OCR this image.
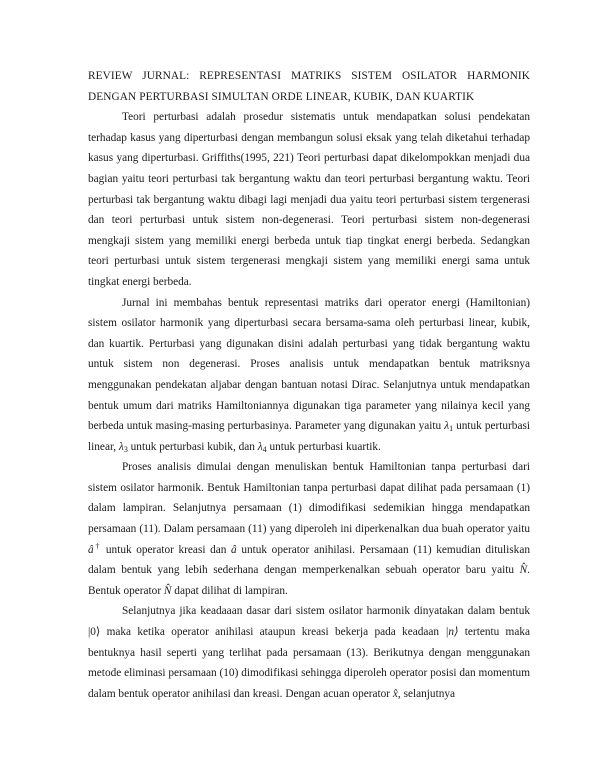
REVIEW JURNAL: REPRESENTASI MATRIKS SISTEM OSILATOR HARMONIK
DENGAN PERTURBASI SIMULTAN ORDE LINEAR, KUBIK, DAN KUARTIK

Teori perturbasi adalah prosedur sistematis untuk mendapatkan solusi pendekatan terhadap kasus yang diperturbasi dengan membangun solusi eksak yang telah diketahui terhadap kasus yang diperturbasi. Griffiths(1995, 221) Teori perturbasi dapat dikelompokkan menjadi dua bagian yaitu teori perturbasi tak bergantung waktu dan teori perturbasi bergantung waktu. Teori perturbasi tak bergantung waktu dibagi lagi menjadi dua yaitu teori perturbasi sistem tergenerasi dan teori perturbasi untuk sistem non-degenerasi. Teori perturbasi sistem non-degenerasi mengkaji sistem yang memiliki energi berbeda untuk tiap tingkat energi berbeda. Sedangkan teori perturbasi untuk sistem tergenerasi mengkaji sistem yang memiliki energi sama untuk tingkat energi berbeda.

Jurnal ini membahas bentuk representasi matriks dari operator energi (Hamiltonian) sistem osilator harmonik yang diperturbasi secara bersama-sama oleh perturbasi linear, kubik, dan kuartik. Perturbasi yang digunakan disini adalah perturbasi yang tidak bergantung waktu untuk sistem non degenerasi. Proses analisis untuk mendapatkan bentuk matriksnya menggunakan pendekatan aljabar dengan bantuan notasi Dirac. Selanjutnya untuk mendapatkan bentuk umum dari matriks Hamiltoniannya digunakan tiga parameter yang nilainya kecil yang berbeda untuk masing-masing perturbasinya. Parameter yang digunakan yaitu $\lambda_1$ untuk perturbasi linear, $\lambda_3$ untuk perturbasi kubik, dan $\lambda_4$ untuk perturbasi kuartik.

Proses analisis dimulai dengan menuliskan bentuk Hamiltonian tanpa perturbasi dari sistem osilator harmonik. Bentuk Hamiltonian tanpa perturbasi dapat dilihat pada persamaan (1) dalam lampiran. Selanjutnya persamaan (1) dimodifikasi sedemikian hingga mendapatkan persamaan (11). Dalam persamaan (11) yang diperoleh ini diperkenalkan dua buah operator yaitu â† untuk operator kreasi dan â untuk operator anihilasi. Persamaan (11) kemudian dituliskan dalam bentuk yang lebih sederhana dengan memperkenalkan sebuah operator baru yaitu N̂. Bentuk operator N̂ dapat dilihat di lampiran.

Selanjutnya jika keadaaan dasar dari sistem osilator harmonik dinyatakan dalam bentuk |0⟩ maka ketika operator anihilasi ataupun kreasi bekerja pada keadaan |n⟩ tertentu maka bentuknya hasil seperti yang terlihat pada persamaan (13). Berikutnya dengan menggunakan metode eliminasi persamaan (10) dimodifikasi sehingga diperoleh operator posisi dan momentum dalam bentuk operator anihilasi dan kreasi. Dengan acuan operator x̂, selanjutnya
